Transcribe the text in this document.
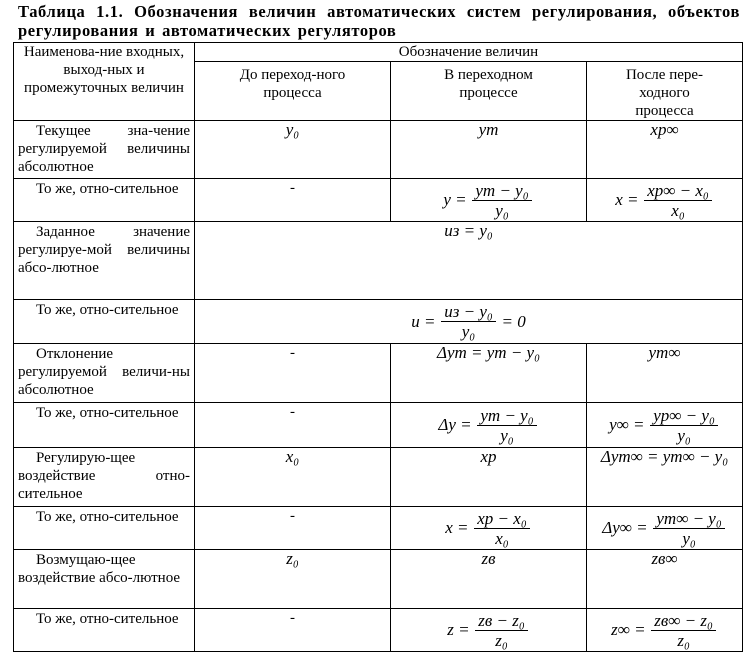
Таблица 1.1. Обозначения величин автоматических систем регулирования, объектов регулирования и автоматических регуляторов
Наименова-ние входных, выход-ных и промежуточных величин	Обозначение величин		
	До переход-ного процесса	В переходном процессе	После пере-ходного процесса
Текущее зна-чение регулируемой величины абсолютное	y₀	yт	xp∞
То же, отно-сительное	-	$y = \frac{\text{yт − y₀}}{\text{y₀}}$	$x = \frac{\text{xp∞ − x₀}}{\text{x₀}}$

Заданное значение регулируе-мой величины абсо-лютное	uз = y₀		
То же, отно-сительное	$u = \frac{\text{uз − y₀}}{\text{y₀}} = 0$		
Отклонение регулируемой величи-ны абсолютное	-	Δyт = yт − y₀	yт∞
То же, отно-сительное	-	$\Delta y = \frac{\text{yт − y₀}}{\text{y₀}}$	$y\infty = \frac{\text{yp∞ − y₀}}{\text{y₀}}$

Регулирую-щее воздействие отно-сительное	x₀	xp	Δyт∞ = yт∞ − y₀
То же, отно-сительное	-	$x = \frac{\text{xp − x₀}}{\text{x₀}}$	$\Delta y\infty = \frac{\text{yт∞ − y₀}}{\text{y₀}}$

Возмущаю-щее воздействие абсо-лютное	z₀	zв	zв∞
То же, отно-сительное	-	$z = \frac{\text{zв − z₀}}{\text{z₀}}$	$z\infty = \frac{\text{zв∞ − z₀}}{\text{z₀}}$
